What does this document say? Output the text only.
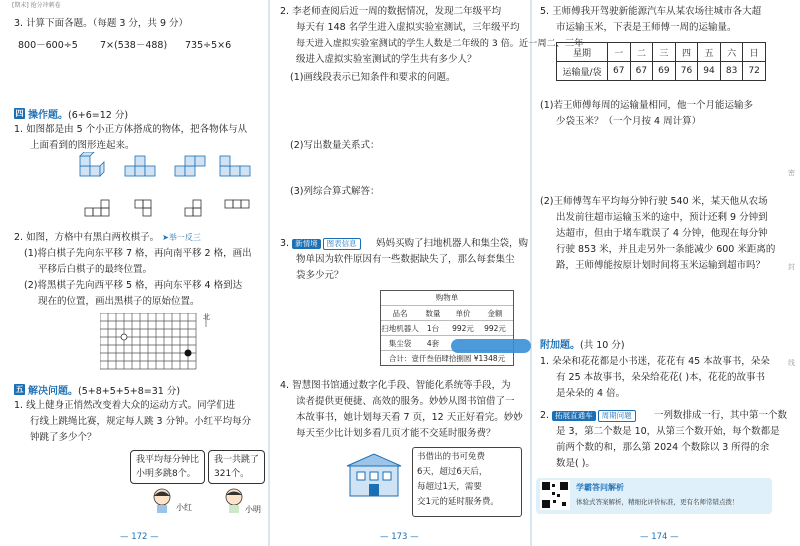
[期末] 抢分冲刺卷
3. 计算下面各题。（每题 3 分，共 9 分）
800－600÷5 7×(538－488) 735÷5×6
四 操作题。 (6+6=12 分)
1. 如图都是由 5 个小正方体搭成的物体，把各物体与从
上面看到的图形连起来。
2. 如图，方格中有黑白两枚棋子。 ➤举一反三
(1)将白棋子先向东平移 7 格，再向南平移 2 格，画出
平移后白棋子的最终位置。
(2)将黑棋子先向西平移 5 格，再向东平移 4 格到达
现在的位置，画出黑棋子的原始位置。
北
五 解决问题。 (5+8+5+5+8=31 分)
1. 线上健身正悄然改变着大众的运动方式。同学们进
行线上跳绳比赛，规定每人跳 3 分钟。小红平均每分
钟跳了多少个？
我平均每分钟比
小明多跳8个。
我一共跳了
321个。
小红	小明
— 172 —
2. 李老师查阅后近一周的数据情况，发现二年级平均
每天有 148 名学生进入虚拟实验室测试，三年级平均
每天进入虚拟实验室测试的学生人数是二年级的 3 倍。近一周二、三年
级进入虚拟实验室测试的学生共有多少人？
(1)画线段表示已知条件和要求的问题。
(2)写出数量关系式：
(3)列综合算式解答：
3. 新情境 图表信息	妈妈买购了扫地机器人和集尘袋，购
物单因为软件原因有一些数据缺失了，那么每套集尘
袋多少元？
购物单
品名	数量	单价	金额
扫地机器人	1台	992元	992元
集尘袋	4套
合计：壹仟叁佰肆拾捌圆 ¥1348元
4. 智慧图书馆通过数字化手段、智能化系统等手段，为
读者提供更便捷、高效的服务。妙妙从图书馆借了一
本故事书，她计划每天看 7 页，12 天正好看完。妙妙
每天至少比计划多看几页才能不交延时服务费？
书借出的书可免费
6天，超过6天后，
每超过1天，需要
交1元的延时服务费。
— 173 —
5. 王师傅我开驾驶新能源汽车从某农场往城市各大超
市运输玉米，下表是王师傅一周的运输量。
星期	一	二	三	四	五	六	日
运输量/袋	67	67	69	76	94	83	72
(1)若王师傅每周的运输量相同，他一个月能运输多
少袋玉米？（一个月按 4 周计算）
(2)王师傅驾车平均每分钟行驶 540 米，某天他从农场
出发前往超市运输玉米的途中，预计还剩 9 分钟到
达超市，但由于堵车耽误了 4 分钟，他现在每分钟
行驶 853 米，并且走另外一条能减少 600 米距离的
路，王师傅能按原计划时间将玉米运输到超市吗？
附加题。 (共 10 分)
1. 朵朵和花花都是小书迷，花花有 45 本故事书，朵朵
有 25 本故事书，朵朵给花花( )本，花花的故事书
是朵朵的 4 倍。
2. 拓展直通车 周期问题	一列数排成一行，其中第一个数
是 3，第二个数是 10，从第三个数开始，每个数都是
前两个数的和，那么第 2024 个数除以 3 所得的余
数是( )。
学霸答问解析
体验式答案解析，精细化评价标准，更有名师常错点拨！
密
封
线
— 174 —
